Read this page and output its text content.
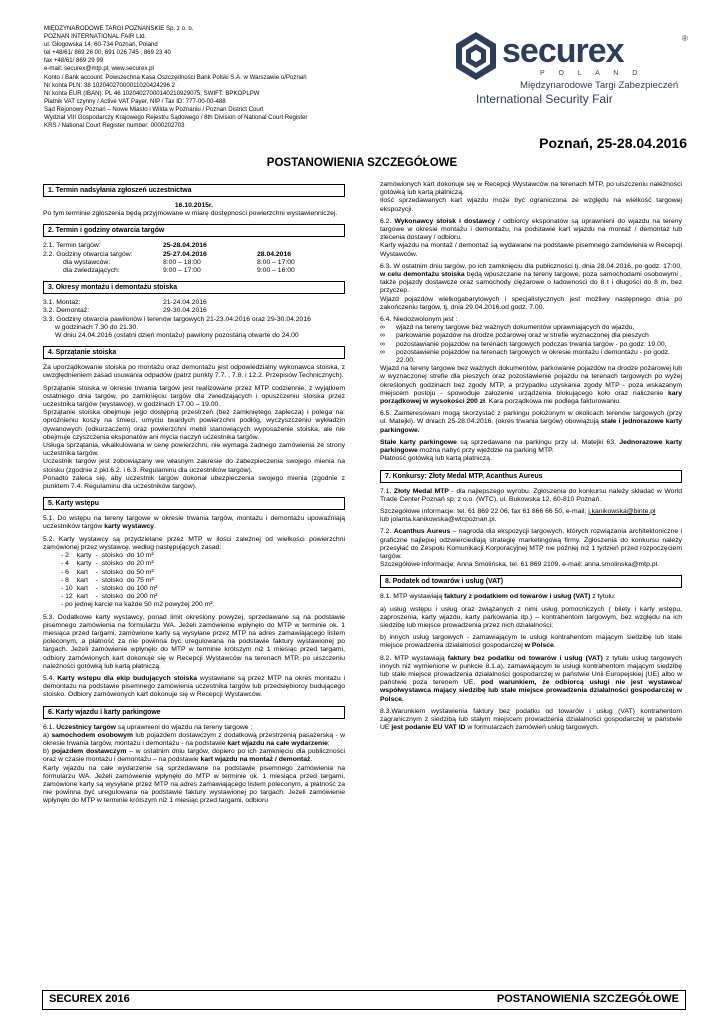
MIĘDZYNARODOWE TARGI POZNAŃSKIE Sp. z o. o.
POZNAŃ INTERNATIONAL FAIR Ltd.
ul. Głogowska 14, 60-734 Poznań, Poland
tel +48/61/ 869 26 00, 691 026 745 , 869 23 40
fax +48/61/ 869 29 99
e-mail: securex@mtp.pl; www.securex.pl
Konto / Bank account: Powszechna Kasa Oszczędności Bank Polski S.A. w Warszawie o/Poznań
Nr konta PLN: 38 10204027000011020424296 2
Nr konta EUR (IBAN): PL 46 10204027000140210929075, SWIFT: BPKOPLPW
Płatnik VAT czynny / Active VAT Payer, NIP / Tax ID: 777-00-00-488
Sąd Rejonowy Poznań – Nowe Miasto i Wilda w Poznaniu / Poznan District Court
Wydział VIII Gospodarczy Krajowego Rejestru Sądowego / 8th Division of National Court Register
KRS / National Court Register number: 0000202703
securex	®
P O L A N D
Międzynarodowe Targi Zabezpieczeń
International Security Fair
Poznań, 25-28.04.2016
POSTANOWIENIA SZCZEGÓŁOWE
1. Termin nadsyłania zgłoszeń uczestnictwa
16.10.2015r.
Po tym terminie zgłoszenia będą przyjmowane w miarę dostępności powierzchni wystawienniczej.
2. Termin i godziny otwarcia targów
2.1. Termin targów:	25-28.04.2016
2.2. Godziny otwarcia targów:	25-27.04.2016	28.04.2016
dla wystawców:	8:00 – 18:00	8:00 – 17:00
dla zwiedzających:	9:00 – 17:00	9:00 – 16:00
3. Okresy montażu i demontażu stoiska
3.1. Montaż:	21-24.04.2016
3.2. Demontaż:	29-30.04.2016
3.3. Godziny otwarcia pawilonów i terenów targowych 21-23.04.2016 oraz 29-30.04.2016
w godzinach 7.30 do 21.30.
W dniu 24.04.2016 (ostatni dzień montażu) pawilony pozostaną otwarte do 24.00
4. Sprzątanie stoiska
Za uporządkowanie stoiska po montażu oraz demontażu jest odpowiedzialny wykonawca stoiska, z uwzględnieniem zasad usuwania odpadów (patrz punkty 7.7. , 7.8. i 12.2. Przepisów Technicznych).
Sprzątanie stoiska w okresie trwania targów jest realizowane przez MTP codziennie, z wyjątkiem ostatniego dnia targów, po zamknięciu targów dla zwiedzających i opuszczeniu stoiska przez uczestnika targów (wystawcę), w godzinach 17.00 – 19.00.
Sprzątanie stoiska obejmuje jego dostępną przestrzeń (bez zamkniętego zaplecza) i polega na: opróżnieniu koszy na śmieci, umyciu twardych powierzchni podłóg, wyczyszczeniu wykładzin dywanowych (odkurzaczem) oraz powierzchni mebli stanowiących wyposażenie stoiska, ale nie obejmuje czyszczenia eksponatów ani mycia naczyń uczestnika targów.
Usługa sprzątania, wkalkulowana w cenę powierzchni, nie wymaga żadnego zamówienia ze strony uczestnika targów.
Uczestnik targów jest zobowiązany we własnym zakresie do zabezpieczenia swojego mienia na stoisku (zgodnie z pkt.6.2. i 6.3. Regulaminu dla uczestników targów).
Ponadto zaleca się, aby uczestnik targów dokonał ubezpieczenia swojego mienia (zgodnie z punktem 7.4. Regulaminu dla uczestników targów).
5. Karty wstępu
5.1. Do wstępu na tereny targowe w okresie trwania targów, montażu i demontażu upoważniają uczestników targów karty wystawcy.
5.2. Karty wystawcy są przydzielane przez MTP w ilości zależnej od wielkości powierzchni zamówionej przez wystawcę, według następujących zasad:
- 2	karty	-	stoisko	do 10 m²
- 4	karty	-	stoisko	do 20 m²
- 6	kart	-	stoisko	do 50 m²
- 8	kart	-	stoisko	do 75 m²
- 10	kart	-	stoisko	do 100 m²
- 12	kart	-	stoisko	do 200 m²
- po jednej karcie na każde 50 m2 powyżej 200 m².
5.3. Dodatkowe karty wystawcy, ponad limit określony powyżej, sprzedawane są na podstawie pisemnego zamówienia na formularzu WA. Jeżeli zamówienie wpłynęło do MTP w terminie ok. 1 miesiąca przed targami, zamówione karty są wysyłane przez MTP na adres zamawiającego listem poleconym, a płatność za nie powinna być uregulowana na podstawie faktury wystawionej po targach. Jeżeli zamówienie wpłynęło do MTP w terminie krótszym niż 1 miesiąc przed targami, odbiorу zamówionych kart dokonuje się w Recepcji Wystawców na terenach MTP, po uiszczeniu należności gotówką lub kartą płatniczą.
5.4. Karty wstępu dla ekip budujących stoiska wystawiane są przez MTP na okres montażu i demontażu na podstawie pisemnego zamówienia uczestnika targów lub przedsiębiorcy budującego stoisko. Odbiorу zamówionych kart dokonuje się w Recepcji Wystawców.
6. Karty wjazdu i karty parkingowe
6.1. Uczestnicy targów są uprawnieni do wjazdu na tereny targowe :
a) samochodem osobowym lub pojazdem dostawczym z dodatkową przestrzenią pasażerską - w okresie trwania targów, montażu i demontażu - na podstawie kart wjazdu na całe wydarzenie;
b) pojazdem dostawczym – w ostatnim dniu targów, dopiero po ich zamknięciu dla publiczności oraz w czasie montażu i demontażu – na podstawie kart wjazdu na montaż / demontaż.
Karty wjazdu na całe wydarzenie są sprzedawane na podstawie pisemnego zamówienia na formularzu WA. Jeżeli zamówienie wpłynęło do MTP w terminie ok. 1 miesiąca przed targami, zamówione karty są wysyłane przez MTP na adres zamawiającego listem poleconym, a płatność za nie powinna być uregulowana na podstawie faktury wystawionej po targach. Jeżeli zamówienie wpłynęło do MTP w terminie krótszym niż 1 miesiąc przed targami, odbioru
zamówionych kart dokonuje się w Recepcji Wystawców na terenach MTP, po uiszczeniu należności gotówką lub kartą płatniczą.
Ilość sprzedawanych kart wjazdu może być ograniczona ze względu na wielkość targowej ekspozycji.
6.2. Wykonawcy stoisk i dostawcy / odbiorcy eksponatów są uprawnieni do wjazdu na tereny targowe w okresie montażu i demontażu, na podstawie kart wjazdu na montaż / demontaż lub zlecenia dostawy / odbioru.
Karty wjazdu na montaż / demontaż są wydawane na podstawie pisemnego zamówienia w Recepcji Wystawców.
6.3. W ostatnim dniu targów, po ich zamknięciu dla publiczności tj. dnia 28.04.2016, po godz. 17:00, w celu demontażu stoiska będą wpuszczane na tereny targowe, poza samochodami osobowymi , także pojazdy dostawcze oraz samochody ciężarowe o ładowności do 8 t i długości do 8 m, bez przyczep.
Wjazd pojazdów wielkogabarytowych i specjalistycznych jest możliwy następnego dnia po zakończeniu targów, tj. dnia 29.04.2016.od godz. 7.00.
6.4. Niedozwolonym jest :
∞	wjazd na tereny targowe bez ważnych dokumentów uprawniających do wjazdu,
∞	parkowanie pojazdów na drodze pożarowej oraz w strefie wyznaczonej dla pieszych
∞	pozostawianie pojazdów na terenach targowych podczas trwania targów - po godz. 19.00,
∞	pozostawienie pojazdów na terenach targowych w okresie montażu i demontażu - po godz. 22.00.
Wjazd na tereny targowe bez ważnych dokumentów, parkowanie pojazdów na drodze pożarowej lub w wyznaczonej strefie dla pieszych oraz pozostawienie pojazdu na terenach targowych po wyżej określonych godzinach bez zgody MTP, a przypadku uzyskania zgody MTP - poza wskazanym miejscem postoju - spowoduje założenie urządzenia blokującego koło oraz naliczenie kary porządkowej w wysokości 200 zł. Kara porządkowa nie podlega fakturowaniu.
6.5. Zainteresowani mogą skorzystać z parkingu położonym w okolicach terenów targowych (przy ul. Matejki). W dniach 25-28.04.2016. (okres trwania targów) obowiązują stałe i jednorazowe karty parkingowe.
Stałe karty parkingowe są sprzedawane na parkingu przy ul. Matejki 63. Jednorazowe karty parkingowe można nabyć przy wjeździe na parking MTP.
Płatność gotówką lub kartą płatniczą.
7. Konkursy: Złoty Medal MTP, Acanthus Aureus
7.1. Złoty Medal MTP - dla najlepszego wyrobu. Zgłoszenia do konkursu należy składać w World Trade Center Poznań sp. z o.o. (WTC), ul. Bukowska 12, 60-810 Poznań.
Szczegółowe informacje: tel. 61 869 22 06, fax 61 866 66 50, e-mail: j.kanikowska@binte.pl
lub jolanta.kanikowska@wtcpoznan.pl.
7.2. Acanthus Aureus – nagroda dla ekspozycji targowych, których rozwiązania architektoniczne i graficzne najlepiej odzwierciedlają strategię marketingową firmy. Zgłoszenia do konkursu należy przesyłać do Zespołu Komunikacji Korporacyjnej MTP nie później niż 1 tydzień przed rozpoczęciem targów.
Szczegółowe informacje: Anna Smolińska, tel. 61 869 2109, e-mail: anna.smolinska@mtp.pl.
8. Podatek od towarów i usług (VAT)
8.1. MTP wystawiają faktury z podatkiem od towarów i usług (VAT) z tytułu:
a) usług wstępu i usług oraz związanych z nimi usług pomocniczych ( bilety i karty wstępu, zaproszenia, karty wjazdu, karty parkowania itp.) – kontrahentom targowym, bez względu na ich siedzibę lub miejsce prowadzenia przez nich działalności;
b) innych usług targowych - zamawiającym te usługi kontrahentom mającym siedzibę lub stałe miejsce prowadzenia działalności gospodarczej w Polsce.
8.2. MTP wystawiają faktury bez podatku od towarów i usług (VAT) z tytułu usług targowych innych niż wymienione w punkcie 8.1.a), zamawiającym te usługi kontrahentom mającym siedzibę lub stałe miejsce prowadzenia działalności gospodarczej w państwie Unii Europejskiej (UE) albo w państwie poza terenem UE, pod warunkiem, że odbiorcą usługi nie jest wystawca/ współwystawca mający siedzibę lub stałe miejsce prowadzenia działalności gospodarczej w Polsce.
8.3.Warunkiem wystawienia faktury bez podatku od towarów i usług (VAT) kontrahentom zagranicznym z siedzibą lub stałym miejscem prowadzenia działalności gospodarczej w państwie UE jest podanie EU VAT ID w formularzach zamówień usług targowych.
SECUREX 2016	POSTANOWIENIA SZCZEGÓŁOWE
